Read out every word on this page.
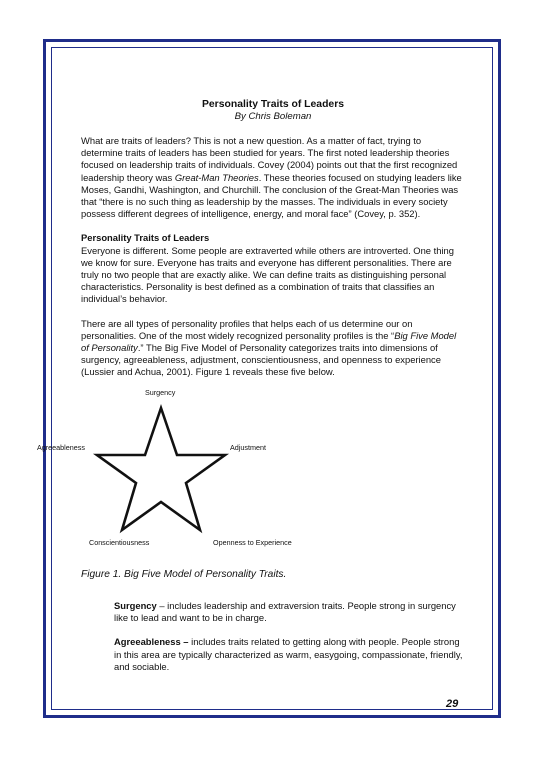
Personality Traits of Leaders
By Chris Boleman

What are traits of leaders? This is not a new question. As a matter of fact, trying to determine traits of leaders has been studied for years. The first noted leadership theories focused on leadership traits of individuals. Covey (2004) points out that the first recognized leadership theory was Great-Man Theories. These theories focused on studying leaders like Moses, Gandhi, Washington, and Churchill. The conclusion of the Great-Man Theories was that “there is no such thing as leadership by the masses. The individuals in every society possess different degrees of intelligence, energy, and moral face” (Covey, p. 352).

Personality Traits of Leaders
Everyone is different. Some people are extraverted while others are introverted. One thing we know for sure. Everyone has traits and everyone has different personalities. There are truly no two people that are exactly alike. We can define traits as distinguishing personal characteristics. Personality is best defined as a combination of traits that classifies an individual’s behavior.

There are all types of personality profiles that helps each of us determine our on personalities. One of the most widely recognized personality profiles is the “Big Five Model of Personality.” The Big Five Model of Personality categorizes traits into dimensions of surgency, agreeableness, adjustment, conscientiousness, and openness to experience (Lussier and Achua, 2001). Figure 1 reveals these five below.

Surgency
Agreeableness	Adjustment
Conscientiousness	Openness to Experience
Figure 1. Big Five Model of Personality Traits.

Surgency – includes leadership and extraversion traits. People strong in surgency like to lead and want to be in charge.

Agreeableness – includes traits related to getting along with people. People strong in this area are typically characterized as warm, easygoing, compassionate, friendly, and sociable.

29
